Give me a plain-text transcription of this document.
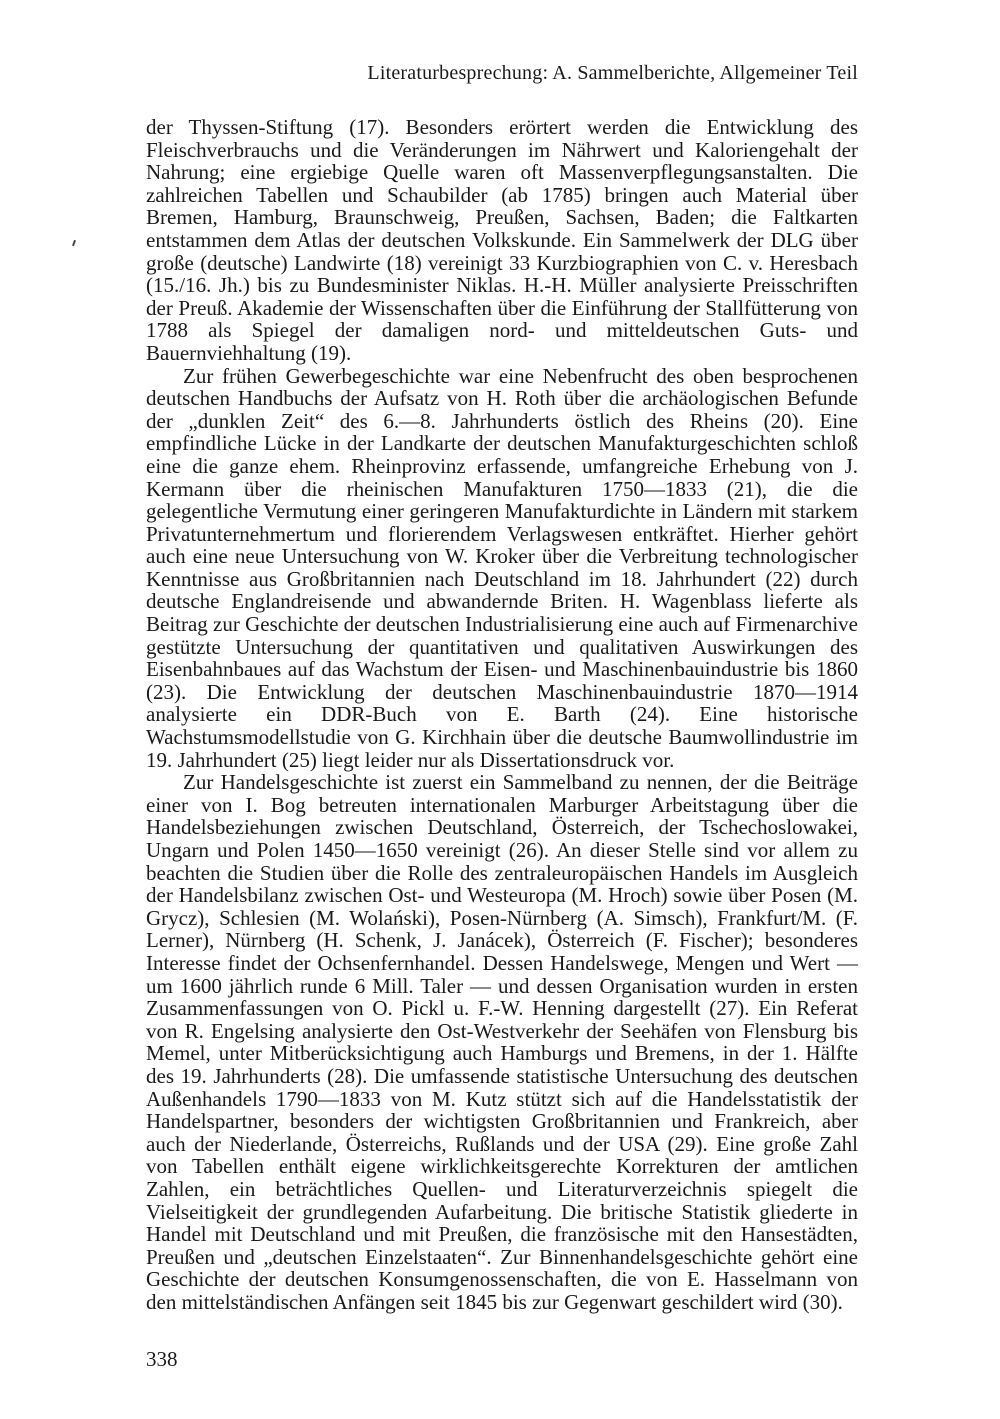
Literaturbesprechung: A. Sammelberichte, Allgemeiner Teil

der Thyssen-Stiftung (17). Besonders erörtert werden die Entwicklung des Fleischverbrauchs und die Veränderungen im Nährwert und Kaloriengehalt der Nahrung; eine ergiebige Quelle waren oft Massenverpflegungsanstalten. Die zahlreichen Tabellen und Schaubilder (ab 1785) bringen auch Material über Bremen, Hamburg, Braunschweig, Preußen, Sachsen, Baden; die Faltkarten entstammen dem Atlas der deutschen Volkskunde. Ein Sammelwerk der DLG über große (deutsche) Landwirte (18) vereinigt 33 Kurzbiographien von C. v. Heresbach (15./16. Jh.) bis zu Bundesminister Niklas. H.-H. Müller analysierte Preisschriften der Preuß. Akademie der Wissenschaften über die Einführung der Stallfütterung von 1788 als Spiegel der damaligen nord- und mitteldeutschen Guts- und Bauernviehhaltung (19).

Zur frühen Gewerbegeschichte war eine Nebenfrucht des oben besprochenen deutschen Handbuchs der Aufsatz von H. Roth über die archäologischen Befunde der „dunklen Zeit“ des 6.—8. Jahrhunderts östlich des Rheins (20). Eine empfindliche Lücke in der Landkarte der deutschen Manufakturgeschichten schloß eine die ganze ehem. Rheinprovinz erfassende, umfangreiche Erhebung von J. Kermann über die rheinischen Manufakturen 1750—1833 (21), die die gelegentliche Vermutung einer geringeren Manufakturdichte in Ländern mit starkem Privatunternehmertum und florierendem Verlagswesen entkräftet. Hierher gehört auch eine neue Untersuchung von W. Kroker über die Verbreitung technologischer Kenntnisse aus Großbritannien nach Deutschland im 18. Jahrhundert (22) durch deutsche Englandreisende und abwandernde Briten. H. Wagenblass lieferte als Beitrag zur Geschichte der deutschen Industrialisierung eine auch auf Firmenarchive gestützte Untersuchung der quantitativen und qualitativen Auswirkungen des Eisenbahnbaues auf das Wachstum der Eisen- und Maschinenbauindustrie bis 1860 (23). Die Entwicklung der deutschen Maschinenbauindustrie 1870—1914 analysierte ein DDR-Buch von E. Barth (24). Eine historische Wachstumsmodellstudie von G. Kirchhain über die deutsche Baumwollindustrie im 19. Jahrhundert (25) liegt leider nur als Dissertationsdruck vor.

Zur Handelsgeschichte ist zuerst ein Sammelband zu nennen, der die Beiträge einer von I. Bog betreuten internationalen Marburger Arbeitstagung über die Handelsbeziehungen zwischen Deutschland, Österreich, der Tschechoslowakei, Ungarn und Polen 1450—1650 vereinigt (26). An dieser Stelle sind vor allem zu beachten die Studien über die Rolle des zentraleuropäischen Handels im Ausgleich der Handelsbilanz zwischen Ost- und Westeuropa (M. Hroch) sowie über Posen (M. Grycz), Schlesien (M. Wolański), Posen-Nürnberg (A. Simsch), Frankfurt/M. (F. Lerner), Nürnberg (H. Schenk, J. Janácek), Österreich (F. Fischer); besonderes Interesse findet der Ochsenfernhandel. Dessen Handelswege, Mengen und Wert — um 1600 jährlich runde 6 Mill. Taler — und dessen Organisation wurden in ersten Zusammenfassungen von O. Pickl u. F.-W. Henning dargestellt (27). Ein Referat von R. Engelsing analysierte den Ost-Westverkehr der Seehäfen von Flensburg bis Memel, unter Mitberücksichtigung auch Hamburgs und Bremens, in der 1. Hälfte des 19. Jahrhunderts (28). Die umfassende statistische Untersuchung des deutschen Außenhandels 1790—1833 von M. Kutz stützt sich auf die Handelsstatistik der Handelspartner, besonders der wichtigsten Großbritannien und Frankreich, aber auch der Niederlande, Österreichs, Rußlands und der USA (29). Eine große Zahl von Tabellen enthält eigene wirklichkeitsgerechte Korrekturen der amtlichen Zahlen, ein beträchtliches Quellen- und Literaturverzeichnis spiegelt die Vielseitigkeit der grundlegenden Aufarbeitung. Die britische Statistik gliederte in Handel mit Deutschland und mit Preußen, die französische mit den Hansestädten, Preußen und „deutschen Einzelstaaten“. Zur Binnenhandelsgeschichte gehört eine Geschichte der deutschen Konsumgenossenschaften, die von E. Hasselmann von den mittelständischen Anfängen seit 1845 bis zur Gegenwart geschildert wird (30).

338
